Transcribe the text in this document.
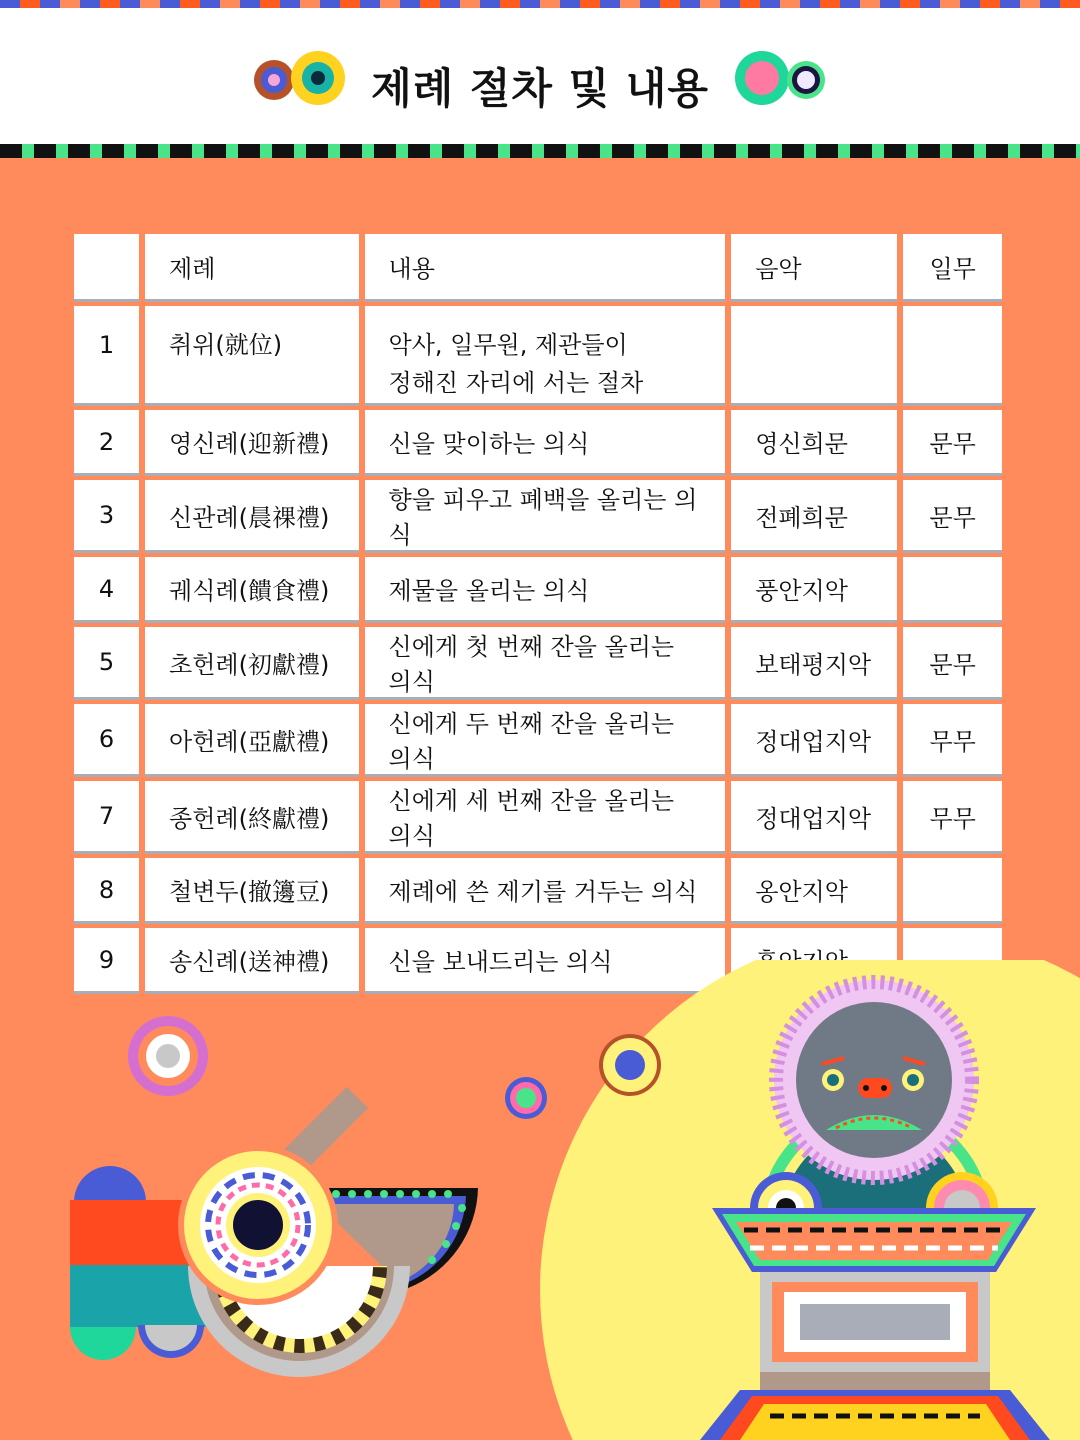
제례 절차 및 내용
	제례	내용	음악	일무
1	취위(就位)	악사, 일무원, 제관들이
정해진 자리에 서는 절차		
2	영신례(迎新禮)	신을 맞이하는 의식	영신희문	문무
3	신관례(晨祼禮)	향을 피우고 폐백을 올리는 의식	전폐희문	문무
4	궤식례(饋食禮)	제물을 올리는 의식	풍안지악	
5	초헌례(初獻禮)	신에게 첫 번째 잔을 올리는 의식	보태평지악	문무
6	아헌례(亞獻禮)	신에게 두 번째 잔을 올리는 의식	정대업지악	무무
7	종헌례(終獻禮)	신에게 세 번째 잔을 올리는 의식	정대업지악	무무
8	철변두(撤籩豆)	제례에 쓴 제기를 거두는 의식	옹안지악	
9	송신례(送神禮)	신을 보내드리는 의식		
